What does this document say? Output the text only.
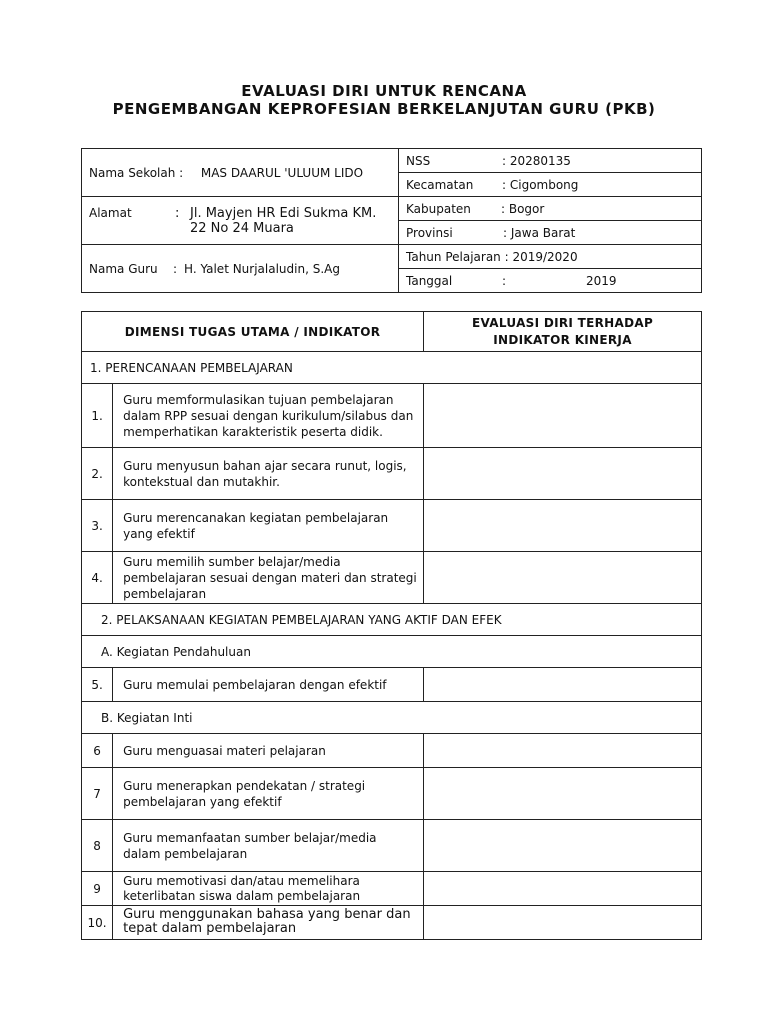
EVALUASI DIRI UNTUK RENCANA
PENGEMBANGAN KEPROFESIAN BERKELANJUTAN GURU (PKB)
Nama Sekolah : MAS DAARUL 'ULUUM LIDO	NSS : 20280135
	Kecamatan : Cigombong

Alamat : Jl. Mayjen HR Edi Sukma KM.
22 No 24 Muara	Kabupaten : Bogor
	Provinsi : Jawa Barat
Nama Guru : H. Yalet Nurjalaludin, S.Ag	Tahun Pelajaran : 2019/2020
	Tanggal : 2019
DIMENSI TUGAS UTAMA / INDIKATOR		EVALUASI DIRI TERHADAP
INDIKATOR KINERJA

1. PERENCANAAN PEMBELAJARAN		
1.	Guru memformulasikan tujuan pembelajaran dalam RPP sesuai dengan kurikulum/silabus dan memperhatikan karakteristik peserta didik.	
2.	Guru menyusun bahan ajar secara runut, logis, kontekstual dan mutakhir.	
3.	Guru merencanakan kegiatan pembelajaran yang efektif	
4.	Guru memilih sumber belajar/media pembelajaran sesuai dengan materi dan strategi pembelajaran	
2. PELAKSANAAN KEGIATAN PEMBELAJARAN YANG AKTIF DAN EFEK		
A. Kegiatan Pendahuluan		
5.	Guru memulai pembelajaran dengan efektif	
B. Kegiatan Inti		
6	Guru menguasai materi pelajaran	
7	Guru menerapkan pendekatan / strategi pembelajaran yang efektif	
8	Guru memanfaatan sumber belajar/media dalam pembelajaran	
9	Guru memotivasi dan/atau memelihara keterlibatan siswa dalam pembelajaran	
10.	Guru menggunakan bahasa yang benar dan tepat dalam pembelajaran	
